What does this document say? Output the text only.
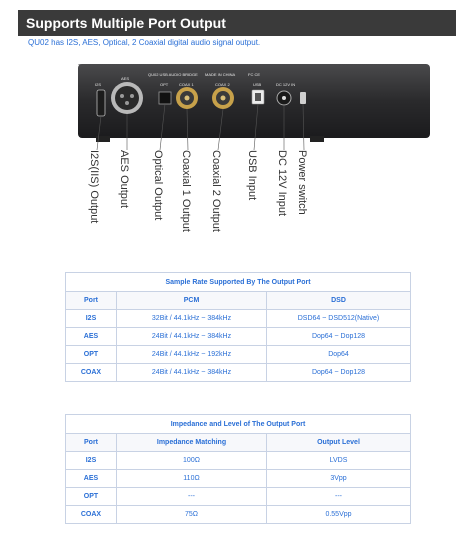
Supports Multiple Port Output
QU02 has I2S, AES, Optical, 2 Coaxial digital audio signal output.
I2S
AES
QU02 USB AUDIO BRIDGE
OPT	COAX 1
MADE IN CHINA
COAX 2	USB	DC 12V IN
FC CE
I2S(IIS) Output AES Output Optical Output Coaxial 1 Output Coaxial 2 Output USB Input DC 12V Input Power switch
Sample Rate Supported By The Output Port		
Port	PCM	DSD
I2S	32Bit / 44.1kHz ~ 384kHz	DSD64 ~ DSD512(Native)
AES	24Bit / 44.1kHz ~ 384kHz	Dop64 ~ Dop128
OPT	24Bit / 44.1kHz ~ 192kHz	Dop64
COAX	24Bit / 44.1kHz ~ 384kHz	Dop64 ~ Dop128
Impedance and Level of The Output Port		
Port	Impedance Matching	Output Level
I2S	100Ω	LVDS
AES	110Ω	3Vpp
OPT	---	---
COAX	75Ω	0.55Vpp
